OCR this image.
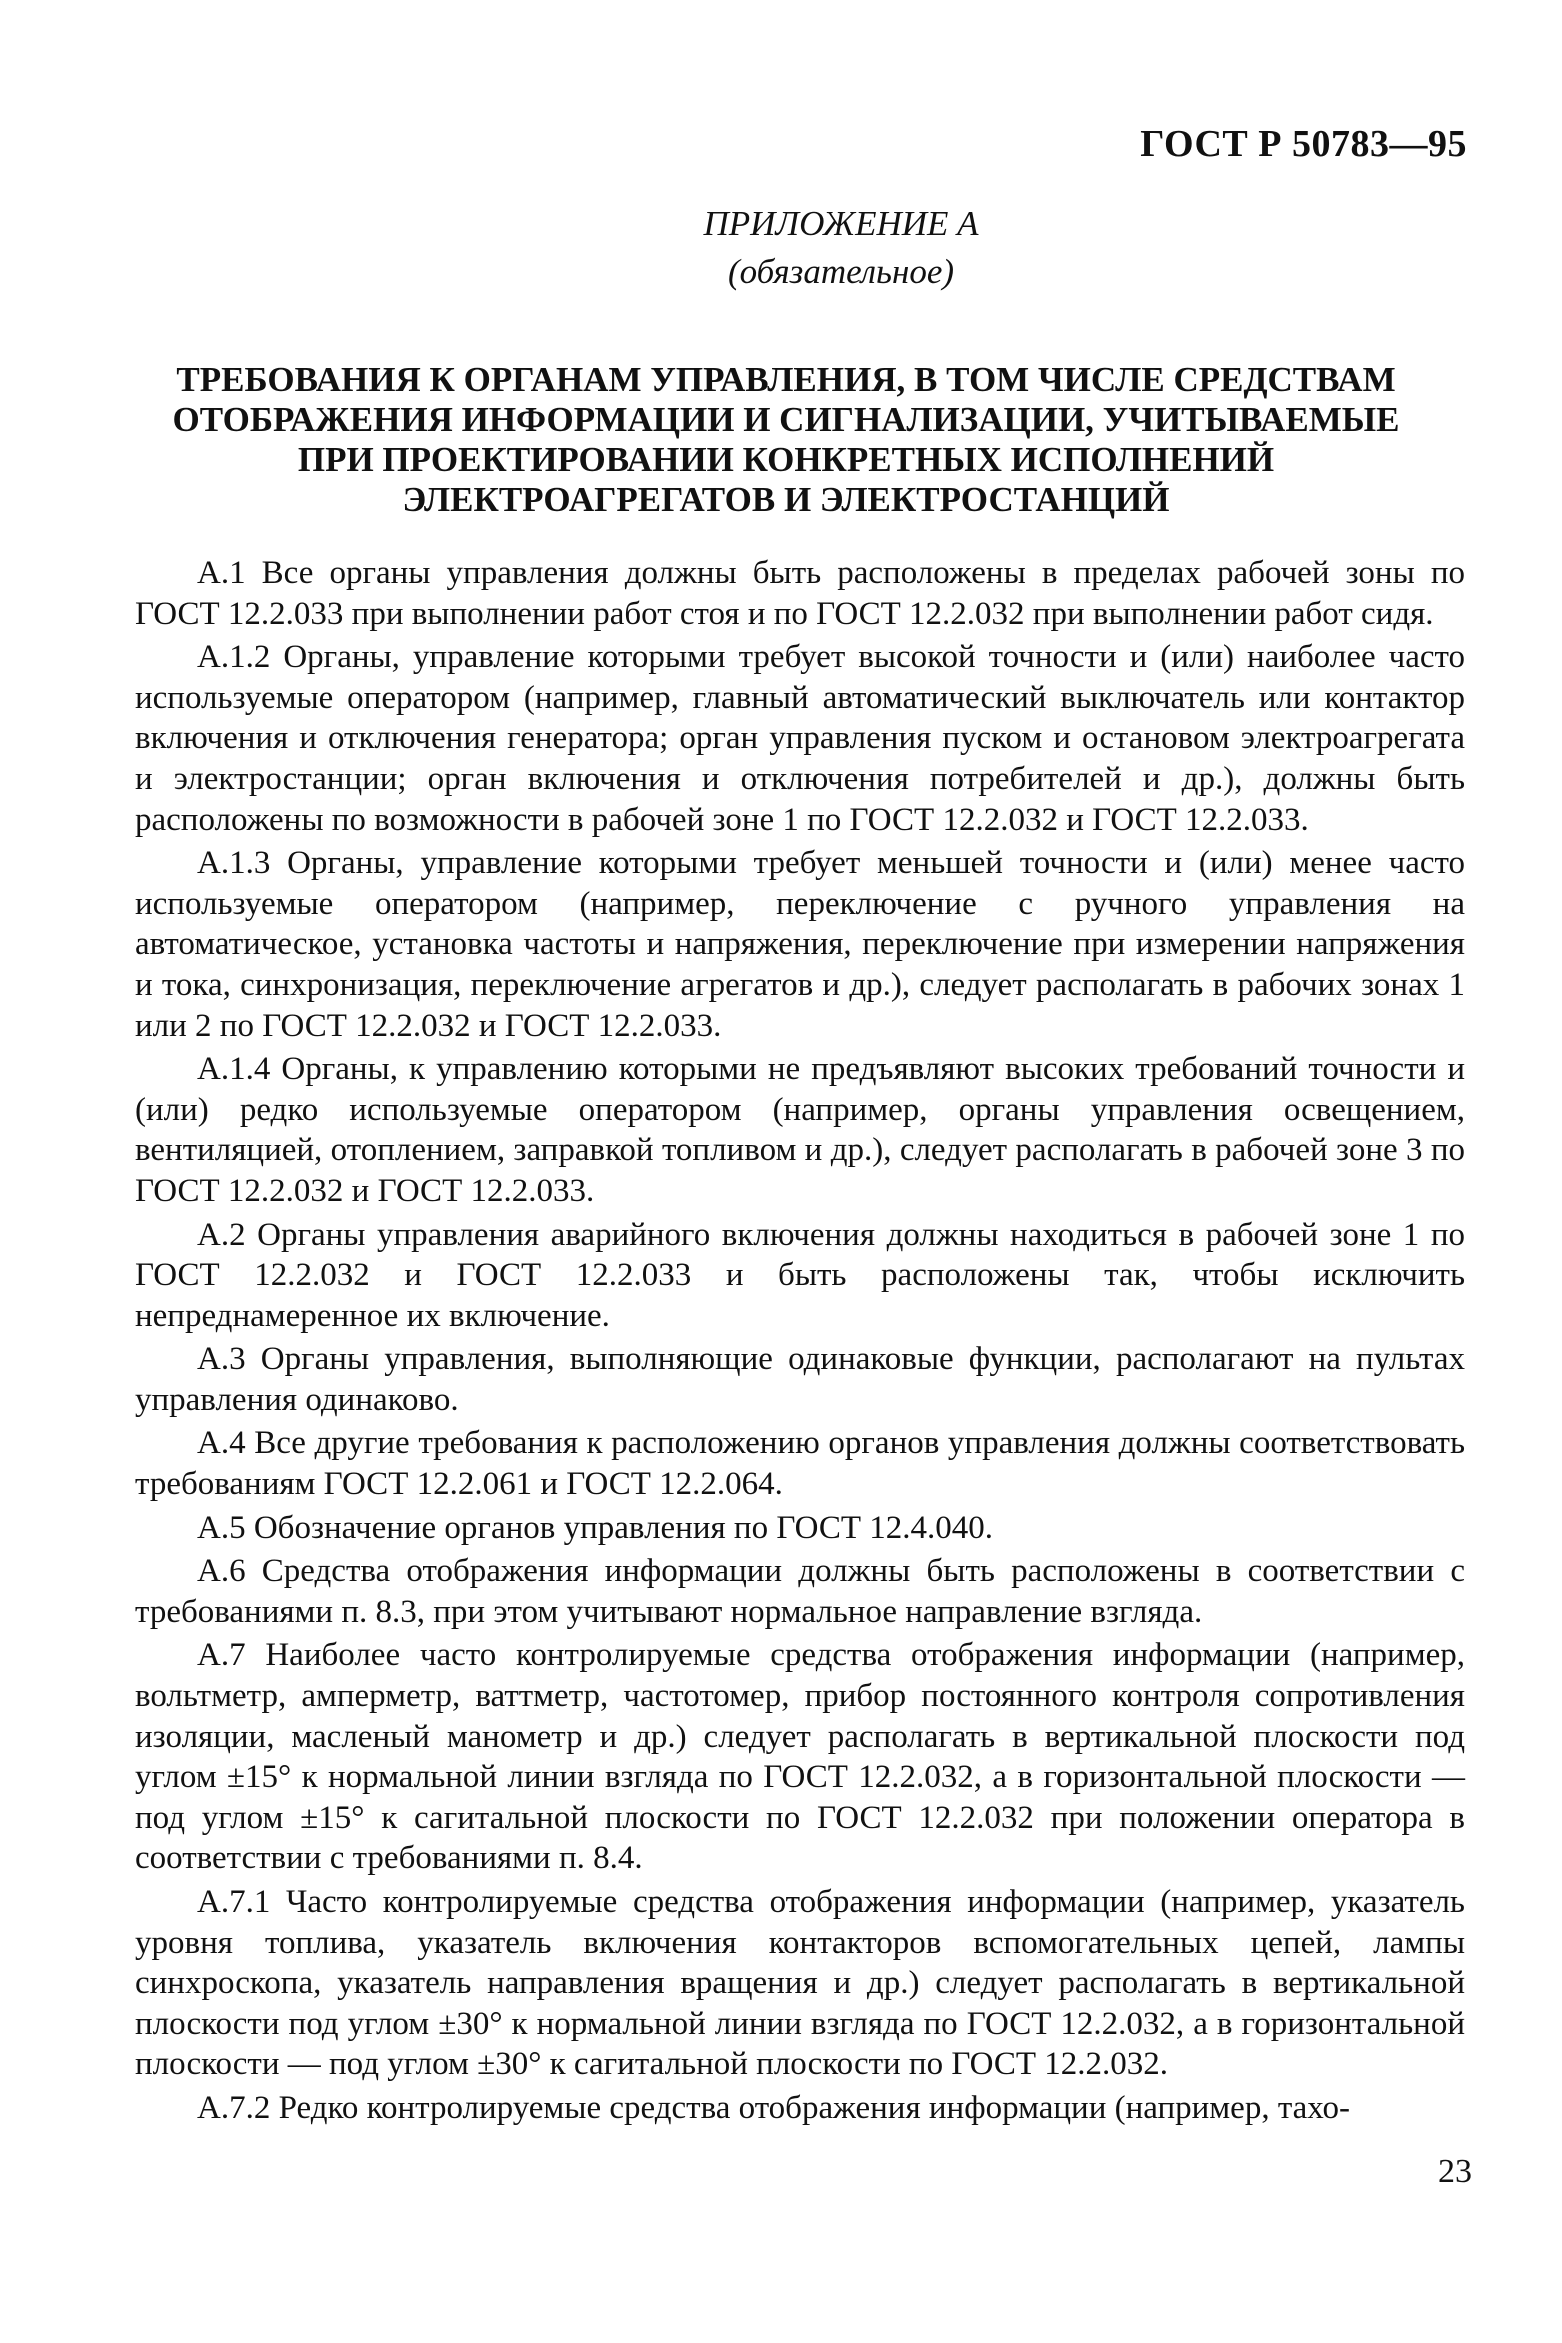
ГОСТ Р 50783—95
ПРИЛОЖЕНИЕ А
(обязательное)
ТРЕБОВАНИЯ К ОРГАНАМ УПРАВЛЕНИЯ, В ТОМ ЧИСЛЕ СРЕДСТВАМ
ОТОБРАЖЕНИЯ ИНФОРМАЦИИ И СИГНАЛИЗАЦИИ, УЧИТЫВАЕМЫЕ
ПРИ ПРОЕКТИРОВАНИИ КОНКРЕТНЫХ ИСПОЛНЕНИЙ
ЭЛЕКТРОАГРЕГАТОВ И ЭЛЕКТРОСТАНЦИЙ

А.1 Все органы управления должны быть расположены в пределах рабочей зоны по ГОСТ 12.2.033 при выполнении работ стоя и по ГОСТ 12.2.032 при выполнении работ сидя.

А.1.2 Органы, управление которыми требует высокой точности и (или) наиболее часто используемые оператором (например, главный автоматический выключатель или контактор включения и отключения генератора; орган управления пуском и остановом электроагрегата и электростанции; орган включения и отключения потребителей и др.), должны быть расположены по возможности в рабочей зоне 1 по ГОСТ 12.2.032 и ГОСТ 12.2.033.

А.1.3 Органы, управление которыми требует меньшей точности и (или) менее часто используемые оператором (например, переключение с ручного управления на автоматическое, установка частоты и напряжения, переключение при измерении напряжения и тока, синхронизация, переключение агрегатов и др.), следует располагать в рабочих зонах 1 или 2 по ГОСТ 12.2.032 и ГОСТ 12.2.033.

А.1.4 Органы, к управлению которыми не предъявляют высоких требований точности и (или) редко используемые оператором (например, органы управления освещением, вентиляцией, отоплением, заправкой топливом и др.), следует располагать в рабочей зоне 3 по ГОСТ 12.2.032 и ГОСТ 12.2.033.

А.2 Органы управления аварийного включения должны находиться в рабочей зоне 1 по ГОСТ 12.2.032 и ГОСТ 12.2.033 и быть расположены так, чтобы исключить непреднамеренное их включение.

А.3 Органы управления, выполняющие одинаковые функции, располагают на пультах управления одинаково.

А.4 Все другие требования к расположению органов управления должны соответствовать требованиям ГОСТ 12.2.061 и ГОСТ 12.2.064.

А.5 Обозначение органов управления по ГОСТ 12.4.040.

А.6 Средства отображения информации должны быть расположены в соответствии с требованиями п. 8.3, при этом учитывают нормальное направление взгляда.

А.7 Наиболее часто контролируемые средства отображения информации (например, вольтметр, амперметр, ваттметр, частотомер, прибор постоянного контроля сопротивления изоляции, масленый манометр и др.) следует располагать в вертикальной плоскости под углом ±15° к нормальной линии взгляда по ГОСТ 12.2.032, а в горизонтальной плоскости — под углом ±15° к сагитальной плоскости по ГОСТ 12.2.032 при положении оператора в соответствии с требованиями п. 8.4.

А.7.1 Часто контролируемые средства отображения информации (например, указатель уровня топлива, указатель включения контакторов вспомогательных цепей, лампы синхроскопа, указатель направления вращения и др.) следует располагать в вертикальной плоскости под углом ±30° к нормальной линии взгляда по ГОСТ 12.2.032, а в горизонтальной плоскости — под углом ±30° к сагитальной плоскости по ГОСТ 12.2.032.

А.7.2 Редко контролируемые средства отображения информации (например, тахо-

23
